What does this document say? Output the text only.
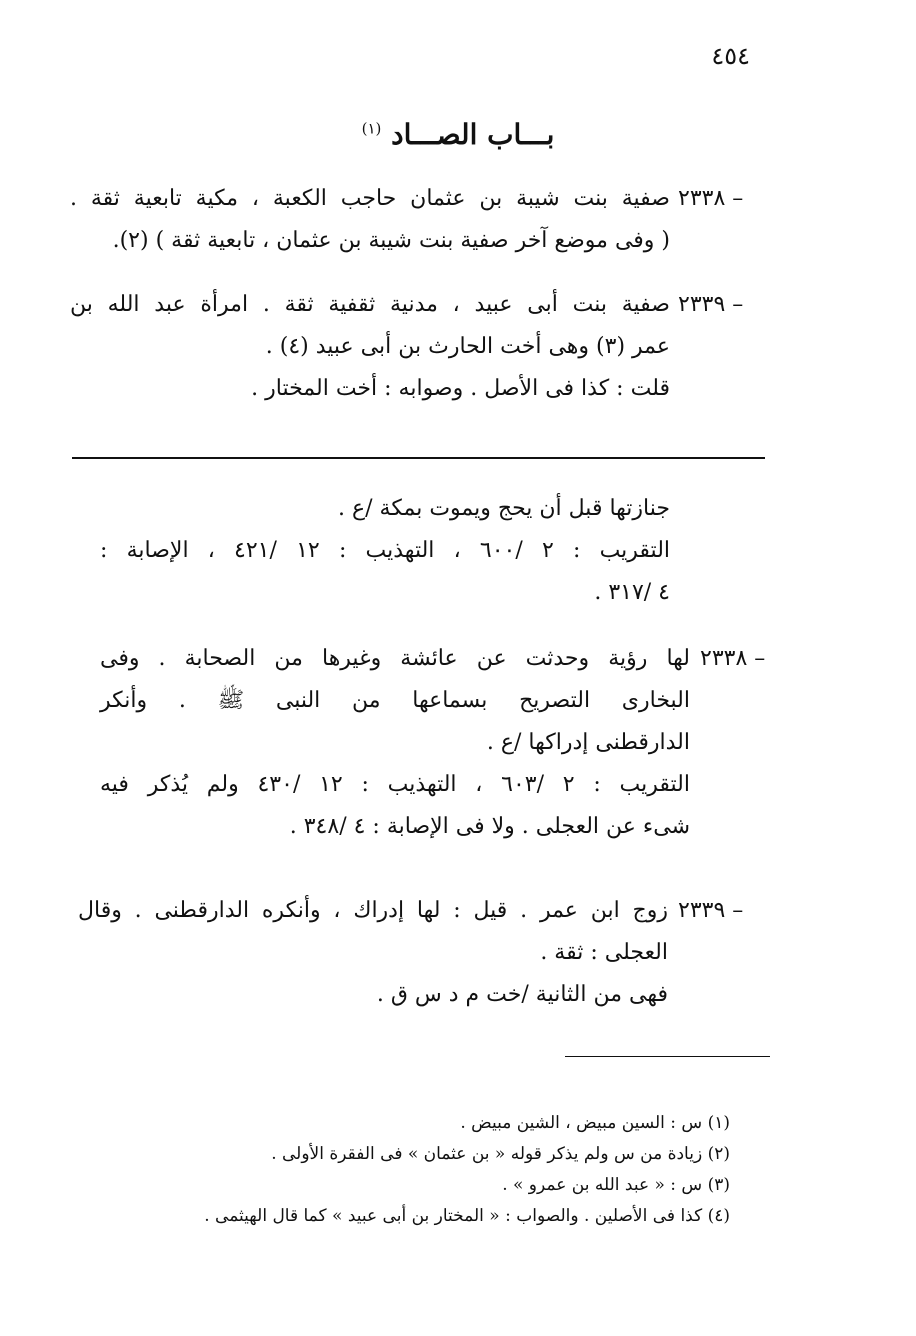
٤٥٤
بـــاب الصـــاد $^{(١)}$
٢٣٣٨ –
صفية بنت شيبة بن عثمان حاجب الكعبة ، مكية تابعية ثقة .
( وفى موضع آخر صفية بنت شيبة بن عثمان ، تابعية ثقة ) (٢).
٢٣٣٩ –
صفية بنت أبى عبيد ، مدنية ثقفية ثقة . امرأة عبد الله بن
عمر (٣) وهى أخت الحارث بن أبى عبيد (٤) .
قلت : كذا فى الأصل . وصوابه : أخت المختار .
جنازتها قبل أن يحج ويموت بمكة /ع .
التقريب : ٢ /٦٠٠ ، التهذيب : ١٢ /٤٢١ ، الإصابة :
٤ /٣١٧ .
٢٣٣٨ –
لها رؤية وحدثت عن عائشة وغيرها من الصحابة . وفى
البخارى التصريح بسماعها من النبى ﷺ . وأنكر
الدارقطنى إدراكها /ع .
التقريب : ٢ /٦٠٣ ، التهذيب : ١٢ /٤٣٠ ولم يُذكر فيه
شىء عن العجلى . ولا فى الإصابة : ٤ /٣٤٨ .
٢٣٣٩ –
زوج ابن عمر . قيل : لها إدراك ، وأنكره الدارقطنى . وقال
العجلى : ثقة .
فهى من الثانية /خت م د س ق .
(١) س : السين مبيض ، الشين مبيض .
(٢) زيادة من س ولم يذكر قوله « بن عثمان » فى الفقرة الأولى .
(٣) س : « عبد الله بن عمرو » .
(٤) كذا فى الأصلين . والصواب : « المختار بن أبى عبيد » كما قال الهيثمى .
